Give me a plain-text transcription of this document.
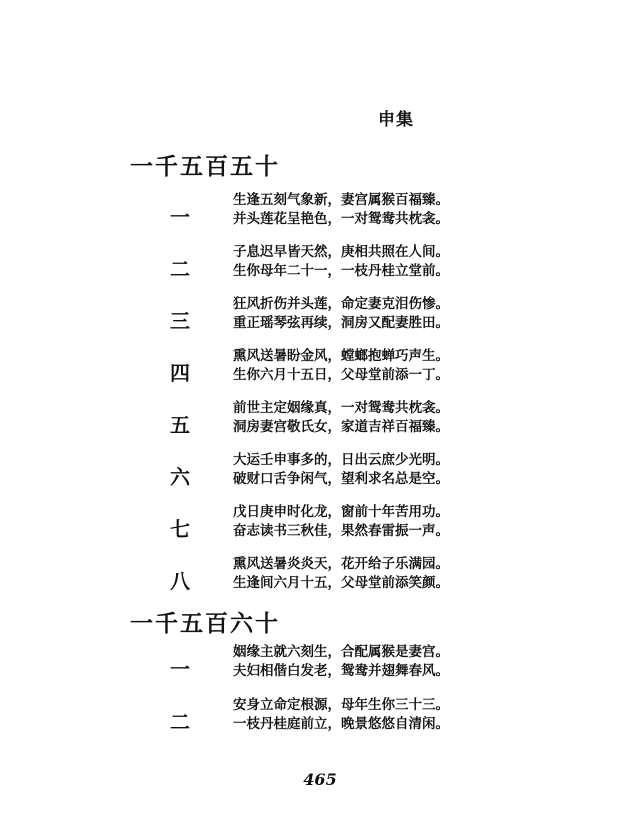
申集
一千五百五十
一
生逢五刻气象新，妻宫属猴百福臻。
并头莲花呈艳色，一对鸳鸯共枕衾。
二
子息迟早皆天然，庚相共照在人间。
生你母年二十一，一枝丹桂立堂前。
三
狂风折伤并头莲，命定妻克泪伤惨。
重正瑶琴弦再续，洞房又配妻胜田。
四
熏风送暑盼金风，螳螂抱蝉巧声生。
生你六月十五日，父母堂前添一丁。
五
前世主定姻缘真，一对鸳鸯共枕衾。
洞房妻宫敬氏女，家道吉祥百福臻。
六
大运壬申事多的，日出云庶少光明。
破财口舌争闲气，望利求名总是空。
七
戊日庚申时化龙，窗前十年苦用功。
奋志读书三秋佳，果然春雷振一声。
八
熏风送暑炎炎天，花开给子乐满园。
生逢间六月十五，父母堂前添笑颜。
一千五百六十
一
姻缘主就六刻生，合配属猴是妻宫。
夫妇相偕白发老，鸳鸯并翅舞春风。
二
安身立命定根源，母年生你三十三。
一枝丹桂庭前立，晚景悠悠自清闲。
465
